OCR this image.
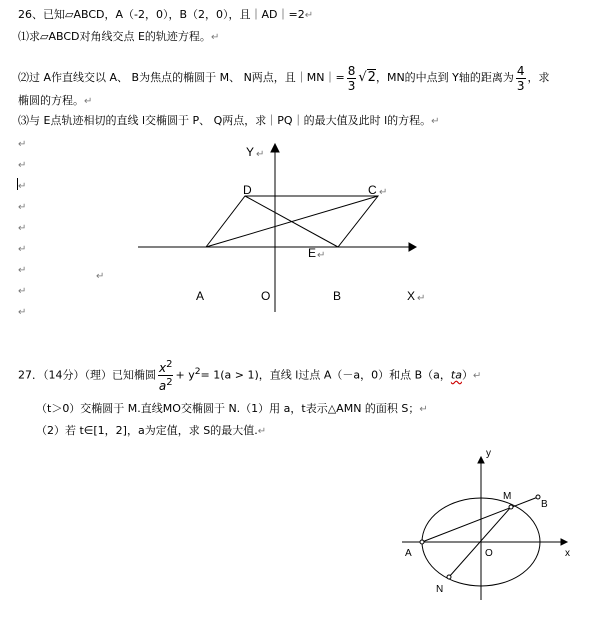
26、已知▱ABCD，A（-2，0），B（2，0），且｜AD｜=2↵
⑴求▱ABCD对角线交点 E的轨迹方程。↵
⑵过 A作直线交以 A、 B为焦点的椭圆于 M、 N两点，且｜MN｜= $\frac{8}{3} √2$，MN的中点到 Y轴的距离为 $\frac{4}{3}$ ，求
椭圆的方程。↵
⑶与 E点轨迹相切的直线 l交椭圆于 P、 Q两点，求｜PQ｜的最大值及此时 l的方程。↵
↵
↵
↵
↵
↵
↵
↵
↵
↵
↵
Y ↵
D	C ↵
E ↵
A	O	B	X ↵
y
x
M
B
A	O
N
27．（14分）（理）已知椭圆 $\frac{x^2}{a^2} + y^2= 1(a > 1)$，直线 l过点 A（－a，0）和点 B（a，ta）↵
（t＞0）交椭圆于 M.直线MO交椭圆于 N.（1）用 a，t表示△AMN 的面积 S；↵
（2）若 t∈[1，2]，a为定值，求 S的最大值.↵
